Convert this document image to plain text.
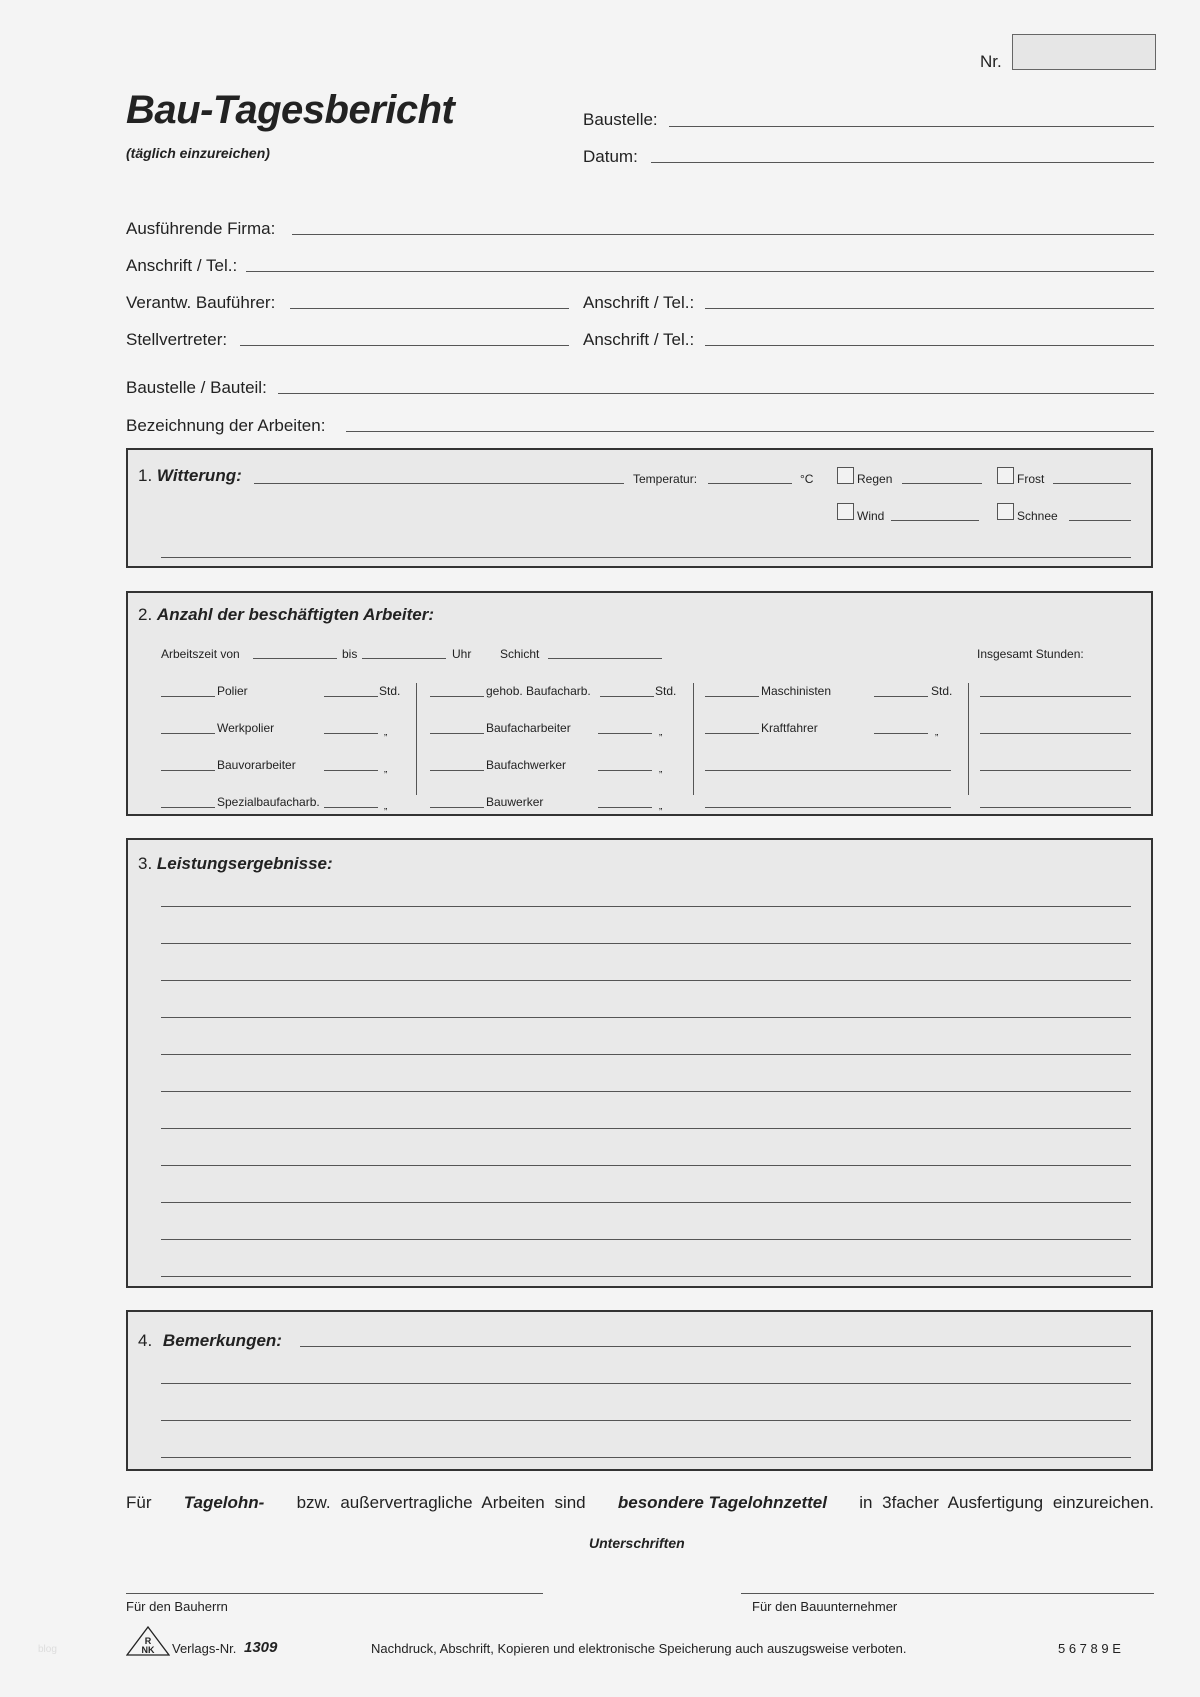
Nr.
Bau-Tagesbericht
(täglich einzureichen)
Baustelle:
Datum:
Ausführende Firma:
Anschrift / Tel.:
Verantw. Bauführer:	Anschrift / Tel.:
Stellvertreter:	Anschrift / Tel.:
Baustelle / Bauteil:
Bezeichnung der Arbeiten:
1. Witterung:	Temperatur:	°C	Regen	Frost
Wind	Schnee
2. Anzahl der beschäftigten Arbeiter:
Arbeitszeit von	bis	Uhr Schicht	Insgesamt Stunden:
Polier	Std.
Werkpolier	„
Bauvorarbeiter	„
Spezialbaufacharb.	„
gehob. Baufacharb.	Std.
Baufacharbeiter	„
Baufachwerker	„
Bauwerker	„
Maschinisten	Std.
Kraftfahrer	„
3. Leistungsergebnisse:
4. Bemerkungen:
Für Tagelohn- bzw. außervertragliche Arbeiten sind besondere Tagelohnzettel in 3facher Ausfertigung einzureichen.
Unterschriften
Für den Bauherrn	Für den Bauunternehmer
blog
R
NK Verlags-Nr. 1309	Nachdruck, Abschrift, Kopieren und elektronische Speicherung auch auszugsweise verboten.	5 6 7 8 9 E
